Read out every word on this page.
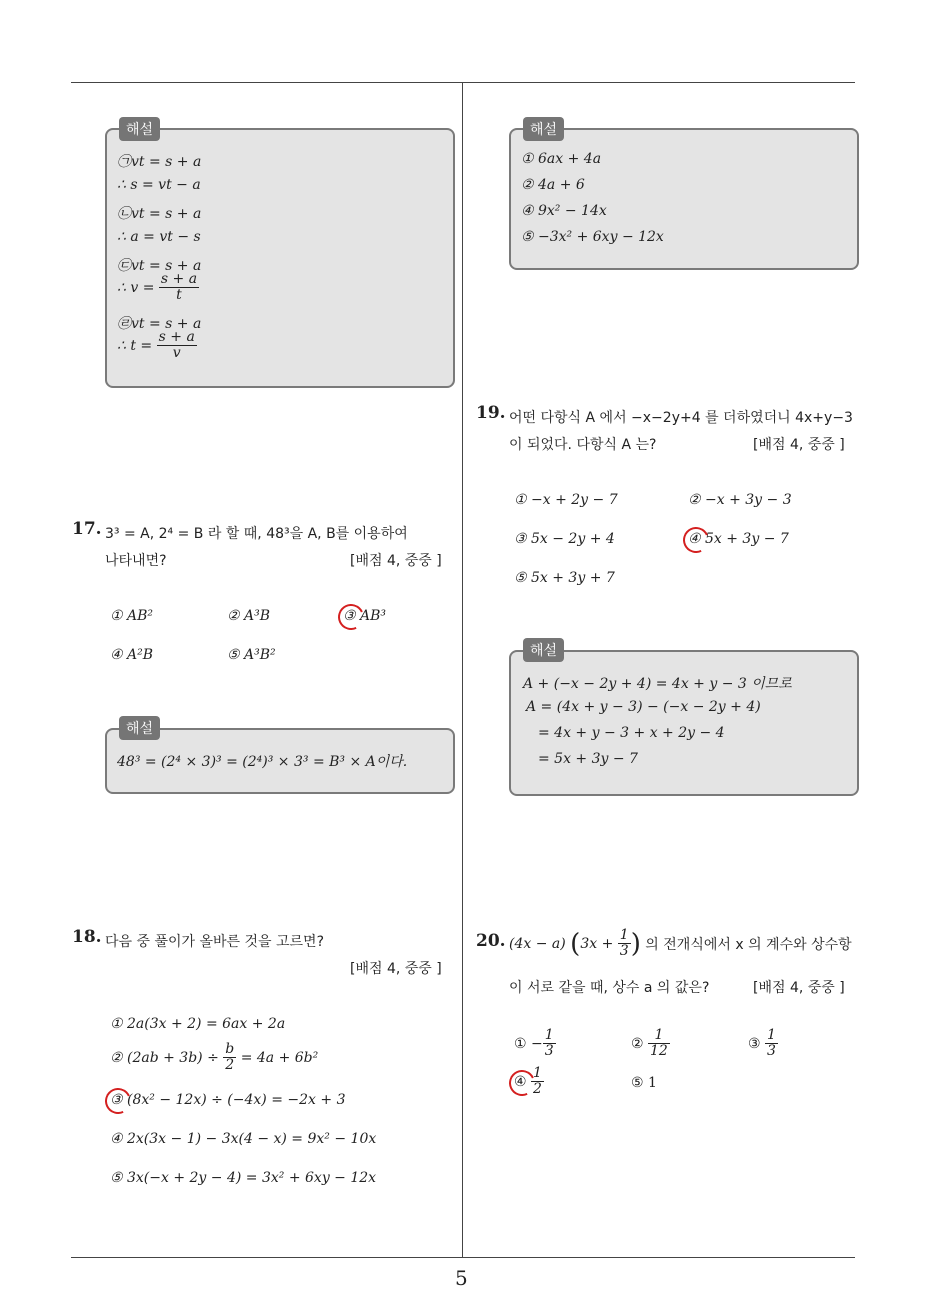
해설
㉠vt = s + a
∴ s = vt − a
㉡vt = s + a
∴ a = vt − s
㉢vt = s + a
∴ $v = \frac{s + a}{t}$
㉣vt = s + a
∴ $t = \frac{s + a}{v}$
17. 3³ = A, 2⁴ = B 라 할 때, 48³을 A, B를 이용하여
나타내면?	[배점 4, 중중 ]
① AB²	② A³B	③ AB³
④ A²B	⑤ A³B²
해설
48³ = (2⁴ × 3)³ = (2⁴)³ × 3³ = B³ × A이다.
18. 다음 중 풀이가 올바른 것을 고르면?
[배점 4, 중중 ]
① 2a(3x + 2) = 6ax + 2a
② $(2ab + 3b) \div \frac{b}{2} = 4a + 6b^2$
③ (8x² − 12x) ÷ (−4x) = −2x + 3
④ 2x(3x − 1) − 3x(4 − x) = 9x² − 10x
⑤ 3x(−x + 2y − 4) = 3x² + 6xy − 12x
해설
① 6ax + 4a
② 4a + 6
④ 9x² − 14x
⑤ −3x² + 6xy − 12x
19. 어떤 다항식 A 에서 −x−2y+4 를 더하였더니 4x+y−3
이 되었다. 다항식 A 는?	[배점 4, 중중 ]
① −x + 2y − 7	② −x + 3y − 3
③ 5x − 2y + 4	④ 5x + 3y − 7
⑤ 5x + 3y + 7
해설
A + (−x − 2y + 4) = 4x + y − 3 이므로
A = (4x + y − 3) − (−x − 2y + 4)
= 4x + y − 3 + x + 2y − 4
= 5x + 3y − 7
20. (4x − a) ($3x + \frac{1}{3}$ ) 의 전개식에서 x 의 계수와 상수항
이 서로 같을 때, 상수 a 의 값은?	[배점 4, 중중 ]
① − $\frac{1}{3}$	② $\frac{1}{12}$	③ $\frac{1}{3}$
④ $\frac{1}{2}$	⑤ 1
5
